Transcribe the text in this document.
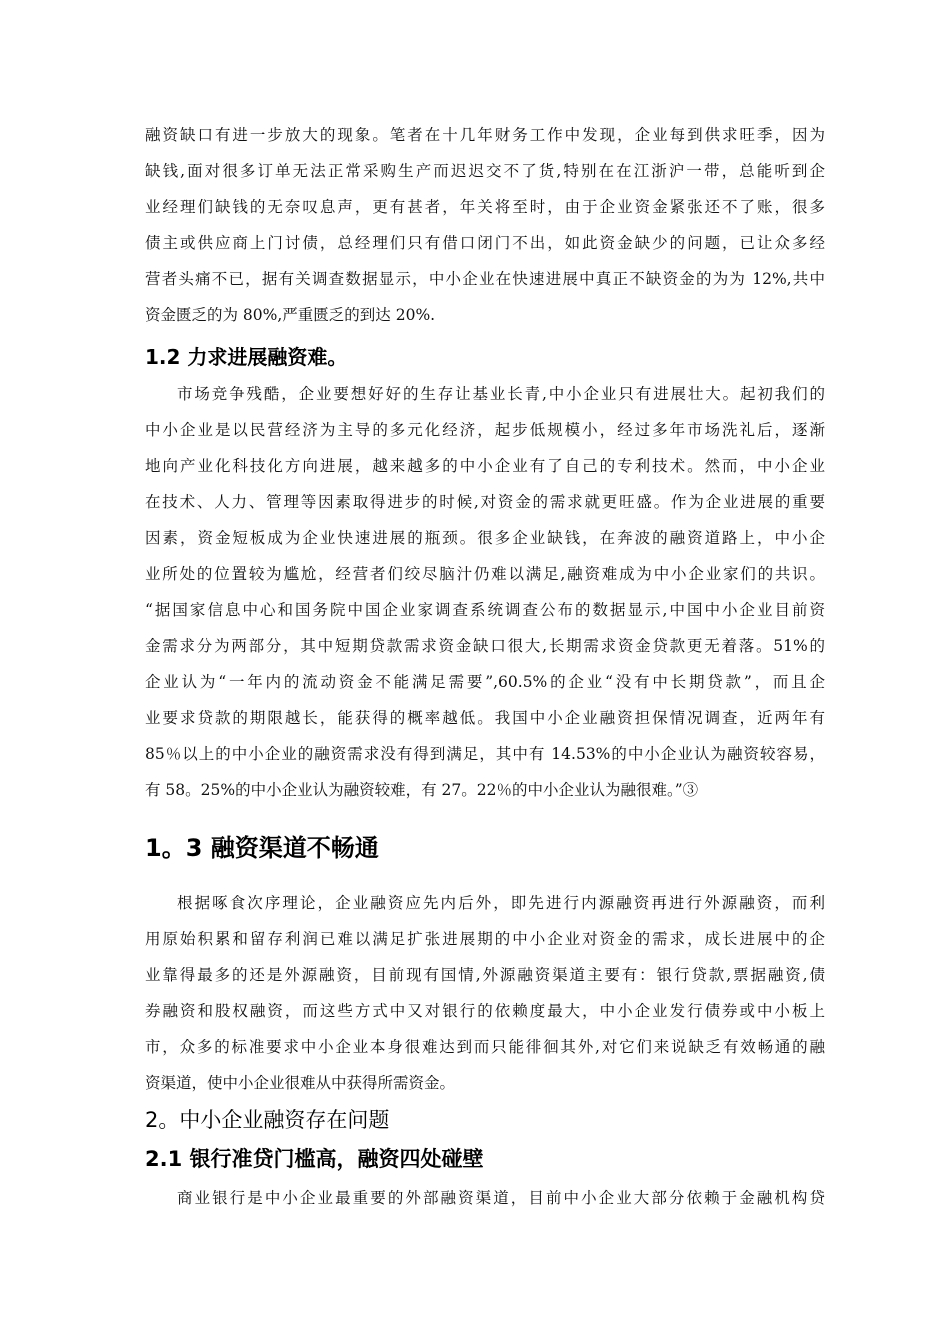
融资缺口有进一步放大的现象。笔者在十几年财务工作中发现，企业每到供求旺季，因为
缺钱,面对很多订单无法正常采购生产而迟迟交不了货,特别在在江浙沪一带，总能听到企
业经理们缺钱的无奈叹息声，更有甚者，年关将至时，由于企业资金紧张还不了账，很多
债主或供应商上门讨债，总经理们只有借口闭门不出，如此资金缺少的问题，已让众多经
营者头痛不已，据有关调查数据显示，中小企业在快速进展中真正不缺资金的为为 12%,共中
资金匮乏的为 80%,严重匮乏的到达 20%.
1.2 力求进展融资难。
市场竞争残酷，企业要想好好的生存让基业长青,中小企业只有进展壮大。起初我们的
中小企业是以民营经济为主导的多元化经济，起步低规模小，经过多年市场洗礼后，逐渐
地向产业化科技化方向进展，越来越多的中小企业有了自己的专利技术。然而，中小企业
在技术、人力、管理等因素取得进步的时候,对资金的需求就更旺盛。作为企业进展的重要
因素，资金短板成为企业快速进展的瓶颈。很多企业缺钱，在奔波的融资道路上，中小企
业所处的位置较为尴尬，经营者们绞尽脑汁仍难以满足,融资难成为中小企业家们的共识。
“据国家信息中心和国务院中国企业家调查系统调查公布的数据显示,中国中小企业目前资
金需求分为两部分，其中短期贷款需求资金缺口很大,长期需求资金贷款更无着落。51%的
企业认为“一年内的流动资金不能满足需要”,60.5%的企业“没有中长期贷款”，而且企
业要求贷款的期限越长，能获得的概率越低。我国中小企业融资担保情况调查，近两年有
85％以上的中小企业的融资需求没有得到满足，其中有 14.53%的中小企业认为融资较容易，
有 58。25%的中小企业认为融资较难，有 27。22％的中小企业认为融很难。”③
1。3 融资渠道不畅通
根据啄食次序理论，企业融资应先内后外，即先进行内源融资再进行外源融资，而利
用原始积累和留存利润已难以满足扩张进展期的中小企业对资金的需求，成长进展中的企
业靠得最多的还是外源融资，目前现有国情,外源融资渠道主要有：银行贷款,票据融资,债
券融资和股权融资，而这些方式中又对银行的依赖度最大，中小企业发行债券或中小板上
市，众多的标准要求中小企业本身很难达到而只能徘徊其外,对它们来说缺乏有效畅通的融
资渠道，使中小企业很难从中获得所需资金。
2。中小企业融资存在问题
2.1 银行准贷门槛高，融资四处碰壁
商业银行是中小企业最重要的外部融资渠道，目前中小企业大部分依赖于金融机构贷
